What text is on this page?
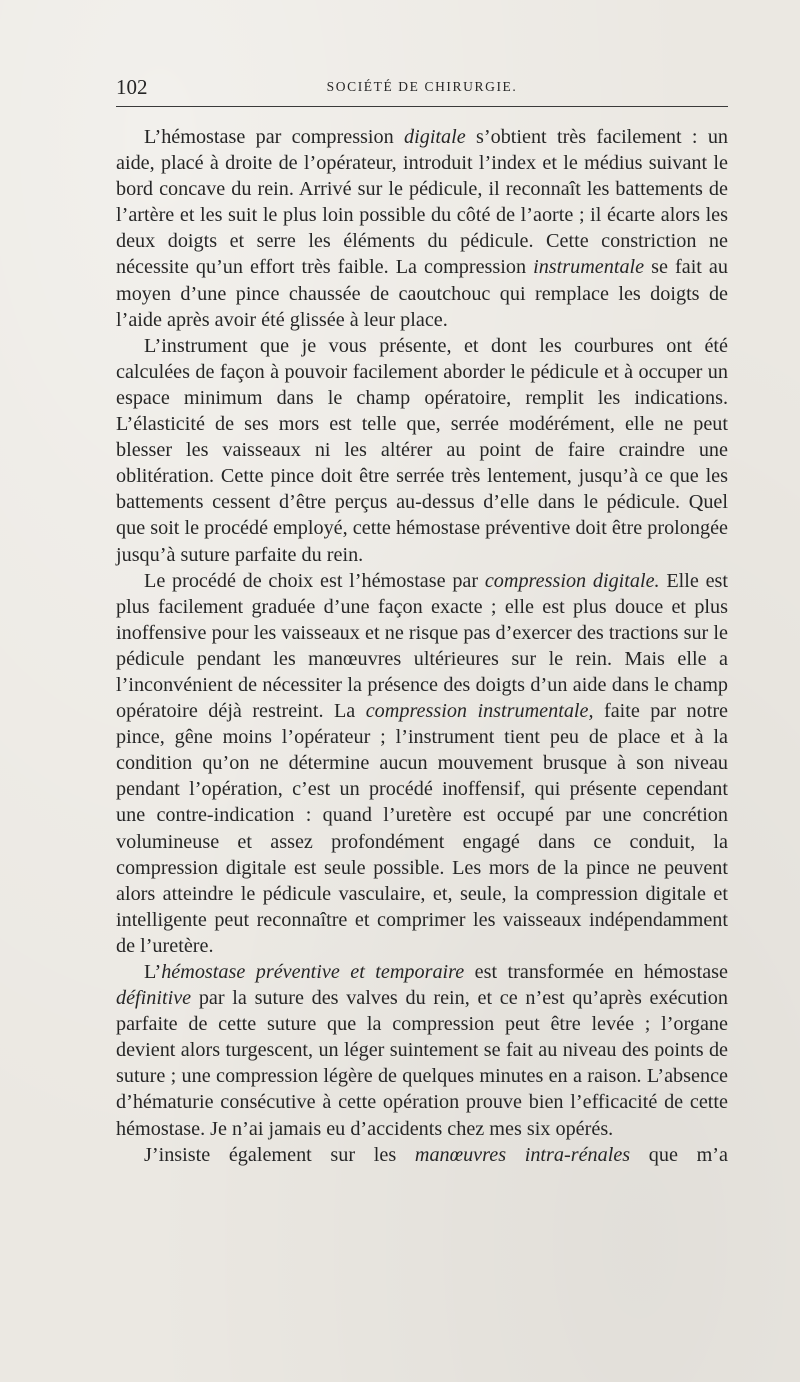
102	SOCIÉTÉ DE CHIRURGIE.

L’hémostase par compression digitale s’obtient très facilement : un aide, placé à droite de l’opérateur, introduit l’index et le médius suivant le bord concave du rein. Arrivé sur le pédicule, il reconnaît les battements de l’artère et les suit le plus loin possible du côté de l’aorte ; il écarte alors les deux doigts et serre les éléments du pédicule. Cette constriction ne nécessite qu’un effort très faible. La compression instrumentale se fait au moyen d’une pince chaussée de caoutchouc qui remplace les doigts de l’aide après avoir été glissée à leur place.

L’instrument que je vous présente, et dont les courbures ont été calculées de façon à pouvoir facilement aborder le pédicule et à occuper un espace minimum dans le champ opératoire, remplit les indications. L’élasticité de ses mors est telle que, serrée modérément, elle ne peut blesser les vaisseaux ni les altérer au point de faire craindre une oblitération. Cette pince doit être serrée très lentement, jusqu’à ce que les battements cessent d’être perçus au-dessus d’elle dans le pédicule. Quel que soit le procédé employé, cette hémostase préventive doit être prolongée jusqu’à suture parfaite du rein.

Le procédé de choix est l’hémostase par compression digitale. Elle est plus facilement graduée d’une façon exacte ; elle est plus douce et plus inoffensive pour les vaisseaux et ne risque pas d’exercer des tractions sur le pédicule pendant les manœuvres ultérieures sur le rein. Mais elle a l’inconvénient de nécessiter la présence des doigts d’un aide dans le champ opératoire déjà restreint. La compression instrumentale, faite par notre pince, gêne moins l’opérateur ; l’instrument tient peu de place et à la condition qu’on ne détermine aucun mouvement brusque à son niveau pendant l’opération, c’est un procédé inoffensif, qui présente cependant une contre-indication : quand l’uretère est occupé par une concrétion volumineuse et assez profondément engagé dans ce conduit, la compression digitale est seule possible. Les mors de la pince ne peuvent alors atteindre le pédicule vasculaire, et, seule, la compression digitale et intelligente peut reconnaître et comprimer les vaisseaux indépendamment de l’uretère.

L’hémostase préventive et temporaire est transformée en hémostase définitive par la suture des valves du rein, et ce n’est qu’après exécution parfaite de cette suture que la compression peut être levée ; l’organe devient alors turgescent, un léger suintement se fait au niveau des points de suture ; une compression légère de quelques minutes en a raison. L’absence d’hématurie consécutive à cette opération prouve bien l’efficacité de cette hémostase. Je n’ai jamais eu d’accidents chez mes six opérés.

J’insiste également sur les manœuvres intra-rénales que m’a
